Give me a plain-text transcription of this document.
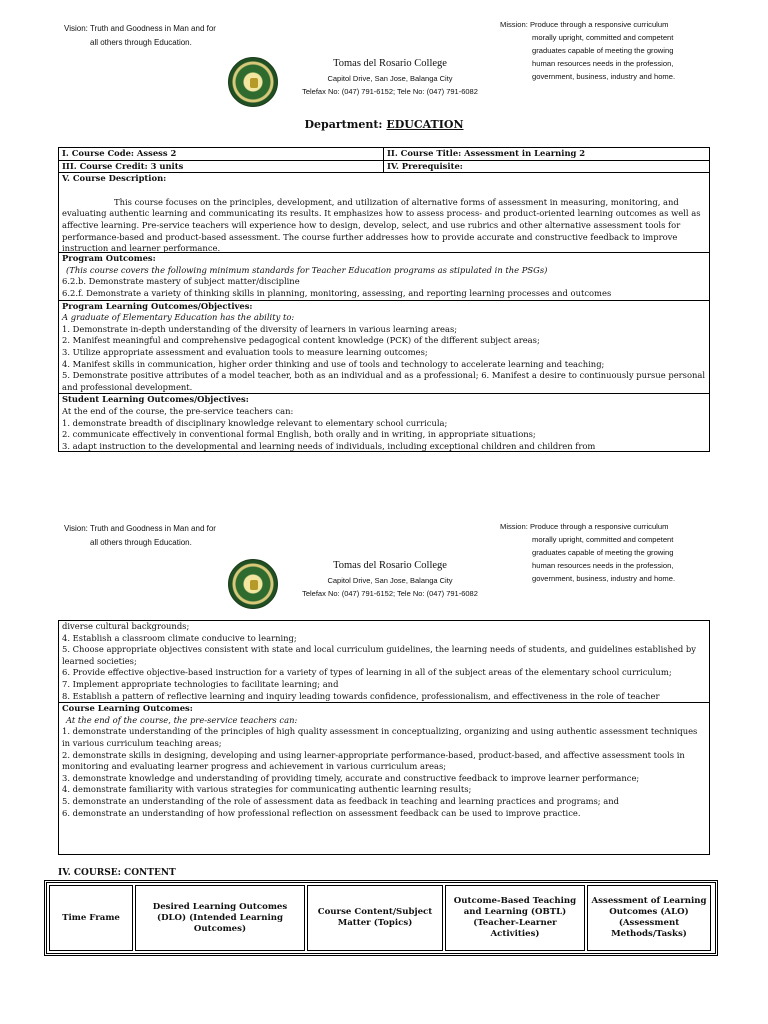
Vision: Truth and Goodness in Man and for
all others through Education.
Mission: Produce through a responsive curriculum
morally upright, committed and competent
graduates capable of meeting the growing
human resources needs in the profession,
government, business, industry and home.
Tomas del Rosario College
Capitol Drive, San Jose, Balanga City
Telefax No: (047) 791-6152; Tele No: (047) 791-6082
Department: EDUCATION
I. Course Code: Assess 2	II. Course Title: Assessment in Learning 2
III. Course Credit: 3 units	IV. Prerequisite:
V. Course Description:
This course focuses on the principles, development, and utilization of alternative forms of assessment in measuring, monitoring, and evaluating authentic learning and communicating its results. It emphasizes how to assess process- and product-oriented learning outcomes as well as affective learning. Pre-service teachers will experience how to design, develop, select, and use rubrics and other alternative assessment tools for performance-based and product-based assessment. The course further addresses how to provide accurate and constructive feedback to improve instruction and learner performance.
Program Outcomes:
(This course covers the following minimum standards for Teacher Education programs as stipulated in the PSGs)
6.2.b. Demonstrate mastery of subject matter/discipline
6.2.f. Demonstrate a variety of thinking skills in planning, monitoring, assessing, and reporting learning processes and outcomes
Program Learning Outcomes/Objectives:
A graduate of Elementary Education has the ability to:
1. Demonstrate in-depth understanding of the diversity of learners in various learning areas;
2. Manifest meaningful and comprehensive pedagogical content knowledge (PCK) of the different subject areas;
3. Utilize appropriate assessment and evaluation tools to measure learning outcomes;
4. Manifest skills in communication, higher order thinking and use of tools and technology to accelerate learning and teaching;
5. Demonstrate positive attributes of a model teacher, both as an individual and as a professional; 6. Manifest a desire to continuously pursue personal and professional development.
Student Learning Outcomes/Objectives:
At the end of the course, the pre-service teachers can:
1. demonstrate breadth of disciplinary knowledge relevant to elementary school curricula;
2. communicate effectively in conventional formal English, both orally and in writing, in appropriate situations;
3. adapt instruction to the developmental and learning needs of individuals, including exceptional children and children from
Vision: Truth and Goodness in Man and for
all others through Education.
Mission: Produce through a responsive curriculum
morally upright, committed and competent
graduates capable of meeting the growing
human resources needs in the profession,
government, business, industry and home.
Tomas del Rosario College
Capitol Drive, San Jose, Balanga City
Telefax No: (047) 791-6152; Tele No: (047) 791-6082
diverse cultural backgrounds;
4. Establish a classroom climate conducive to learning;
5. Choose appropriate objectives consistent with state and local curriculum guidelines, the learning needs of students, and guidelines established by learned societies;
6. Provide effective objective-based instruction for a variety of types of learning in all of the subject areas of the elementary school curriculum;
7. Implement appropriate technologies to facilitate learning; and
8. Establish a pattern of reflective learning and inquiry leading towards confidence, professionalism, and effectiveness in the role of teacher
Course Learning Outcomes:
At the end of the course, the pre-service teachers can:
1. demonstrate understanding of the principles of high quality assessment in conceptualizing, organizing and using authentic assessment techniques in various curriculum teaching areas;
2. demonstrate skills in designing, developing and using learner-appropriate performance-based, product-based, and affective assessment tools in monitoring and evaluating learner progress and achievement in various curriculum areas;
3. demonstrate knowledge and understanding of providing timely, accurate and constructive feedback to improve learner performance;
4. demonstrate familiarity with various strategies for communicating authentic learning results;
5. demonstrate an understanding of the role of assessment data as feedback in teaching and learning practices and programs; and
6. demonstrate an understanding of how professional reflection on assessment feedback can be used to improve practice.
IV. COURSE: CONTENT
Time Frame
Desired Learning Outcomes (DLO) (Intended Learning Outcomes)
Course Content/Subject Matter (Topics)
Outcome-Based Teaching and Learning (OBTL) (Teacher-Learner Activities)
Assessment of Learning Outcomes (ALO) (Assessment Methods/Tasks)
